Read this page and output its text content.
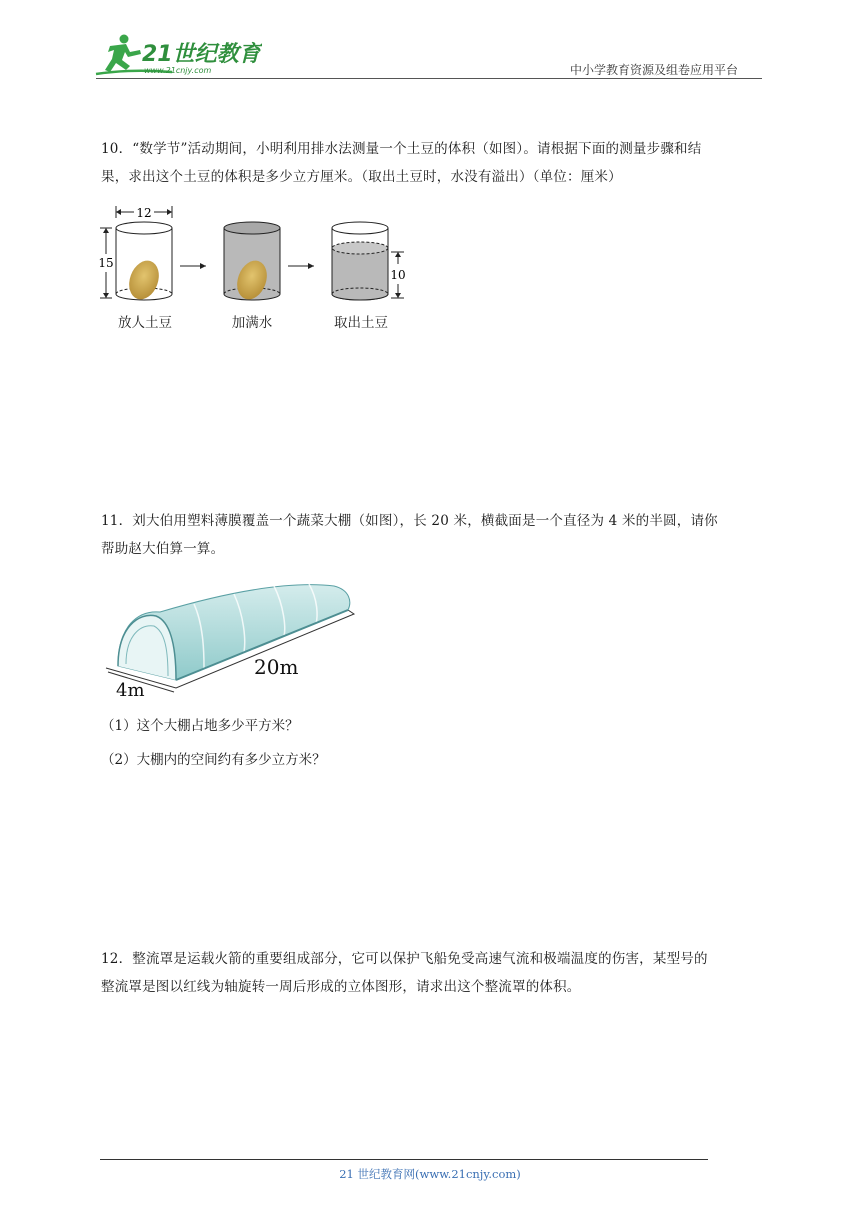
21世纪教育
www.21cnjy.com	中小学教育资源及组卷应用平台
10．“数学节”活动期间，小明利用排水法测量一个土豆的体积（如图）。请根据下面的测量步骤和结
果，求出这个土豆的体积是多少立方厘米。（取出土豆时，水没有溢出）（单位：厘米）
12
15
10
放人土豆	加满水	取出土豆
11．刘大伯用塑料薄膜覆盖一个蔬菜大棚（如图），长 20 米，横截面是一个直径为 4 米的半圆，请你
帮助赵大伯算一算。
20m
4m
（1）这个大棚占地多少平方米？
（2）大棚内的空间约有多少立方米？
12．整流罩是运载火箭的重要组成部分，它可以保护飞船免受高速气流和极端温度的伤害，某型号的
整流罩是图以红线为轴旋转一周后形成的立体图形，请求出这个整流罩的体积。
21 世纪教育网(www.21cnjy.com)
